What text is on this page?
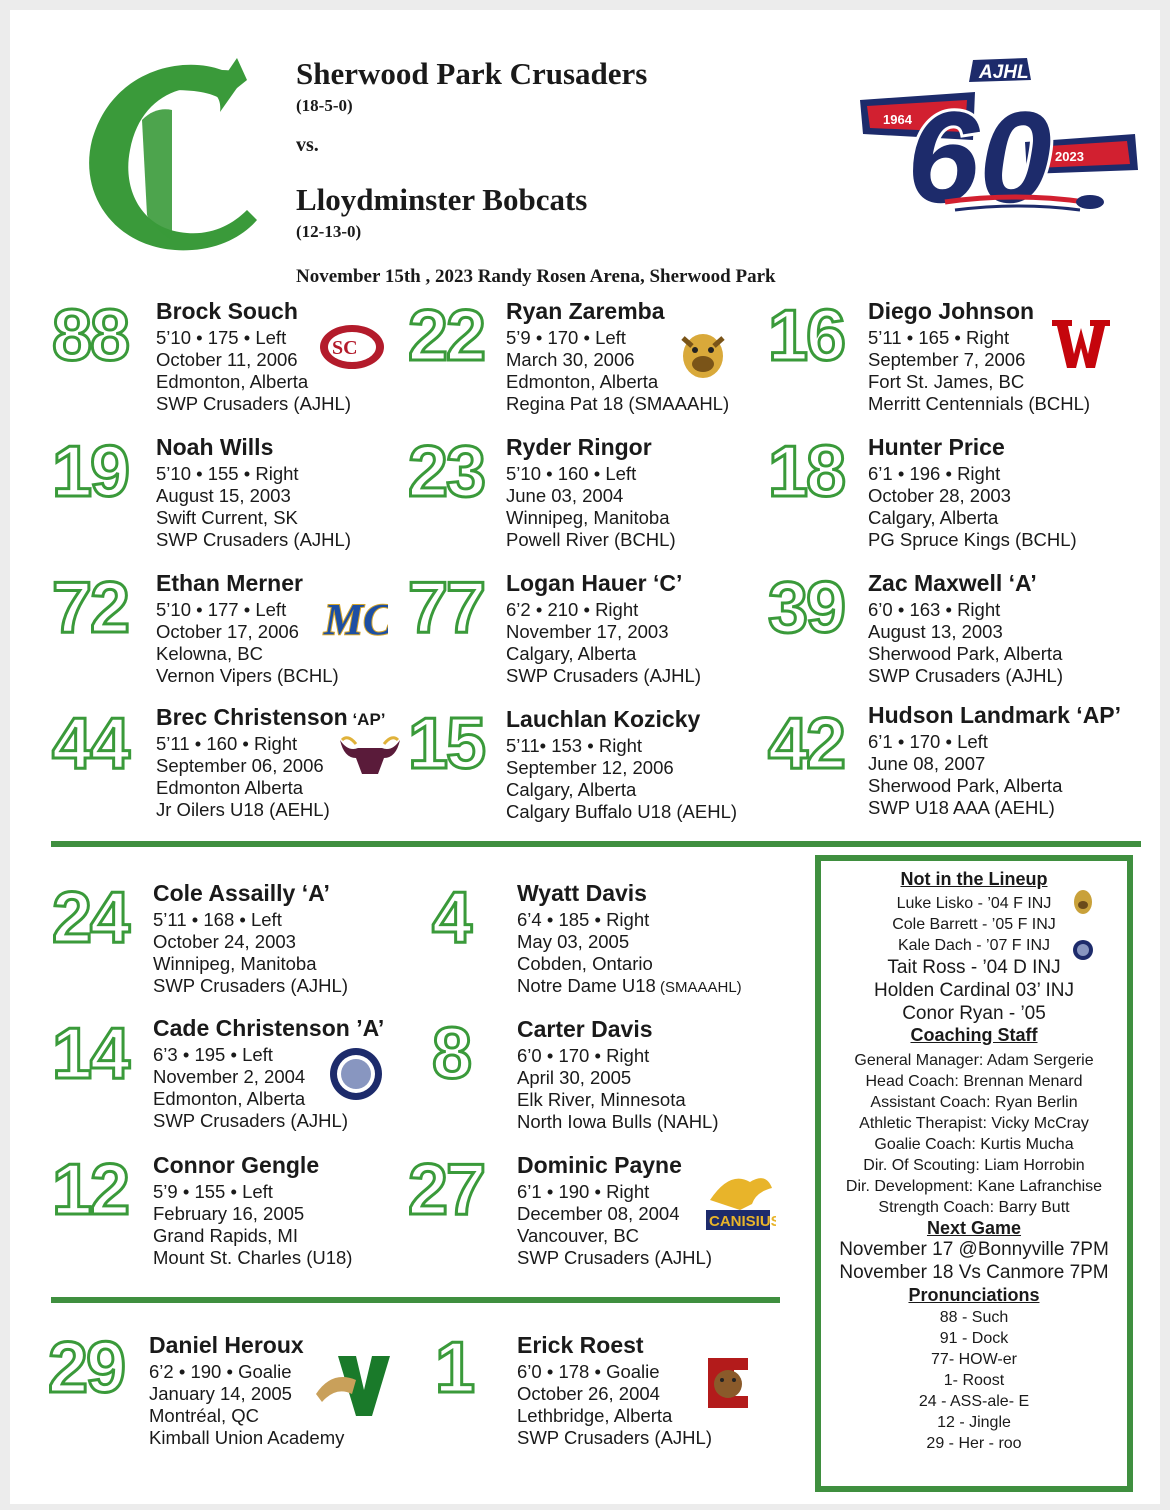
Sherwood Park Crusaders
(18-5-0)
vs.
Lloydminster Bobcats
(12-13-0)
November 15th , 2023 Randy Rosen Arena, Sherwood Park
1964
2023
AJHL
60
88 Brock Souch
5’10 • 175 • Left
October 11, 2006
Edmonton, Alberta
SWP Crusaders (AJHL)
SC 22 Ryan Zaremba
5’9 • 170 • Left
March 30, 2006
Edmonton, Alberta
Regina Pat 18 (SMAAAHL)
16 Diego Johnson
5’11 • 165 • Right
September 7, 2006
Fort St. James, BC
Merritt Centennials (BCHL)
19 Noah Wills
5’10 • 155 • Right
August 15, 2003
Swift Current, SK
SWP Crusaders (AJHL)
23 Ryder Ringor
5’10 • 160 • Left
June 03, 2004
Winnipeg, Manitoba
Powell River (BCHL)
18 Hunter Price
6’1 • 196 • Right
October 28, 2003
Calgary, Alberta
PG Spruce Kings (BCHL)
72 Ethan Merner
5’10 • 177 • Left
October 17, 2006
Kelowna, BC
Vernon Vipers (BCHL)
MC 77 Logan Hauer ‘C’
6’2 • 210 • Right
November 17, 2003
Calgary, Alberta
SWP Crusaders (AJHL)
39 Zac Maxwell ‘A’
6’0 • 163 • Right
August 13, 2003
Sherwood Park, Alberta
SWP Crusaders (AJHL)
44 Brec Christenson ‘AP’
5’11 • 160 • Right
September 06, 2006
Edmonton Alberta
Jr Oilers U18 (AEHL)
15 Lauchlan Kozicky
5’11• 153 • Right
September 12, 2006
Calgary, Alberta
Calgary Buffalo U18 (AEHL)
42 Hudson Landmark ‘AP’
6’1 • 170 • Left
June 08, 2007
Sherwood Park, Alberta
SWP U18 AAA (AEHL)
24 Cole Assailly ‘A’
5’11 • 168 • Left
October 24, 2003
Winnipeg, Manitoba
SWP Crusaders (AJHL)
4 Wyatt Davis
6’4 • 185 • Right
May 03, 2005
Cobden, Ontario
Notre Dame U18 (SMAAAHL)
14 Cade Christenson ’A’
6’3 • 195 • Left
November 2, 2004
Edmonton, Alberta
SWP Crusaders (AJHL)
8 Carter Davis
6’0 • 170 • Right
April 30, 2005
Elk River, Minnesota
North Iowa Bulls (NAHL)
12 Connor Gengle
5’9 • 155 • Left
February 16, 2005
Grand Rapids, MI
Mount St. Charles (U18)
27 Dominic Payne
6’1 • 190 • Right
December 08, 2004
Vancouver, BC
SWP Crusaders (AJHL)
CANISIUS
29 Daniel Heroux
6’2 • 190 • Goalie
January 14, 2005
Montréal, QC
Kimball Union Academy
1 Erick Roest
6’0 • 178 • Goalie
October 26, 2004
Lethbridge, Alberta
SWP Crusaders (AJHL)
Not in the Lineup
Luke Lisko - ’04 F INJ
Cole Barrett - ’05 F INJ
Kale Dach - ’07 F INJ
Tait Ross - ’04 D INJ
Holden Cardinal 03’ INJ
Conor Ryan - ’05
Coaching Staff
General Manager: Adam Sergerie
Head Coach: Brennan Menard
Assistant Coach: Ryan Berlin
Athletic Therapist: Vicky McCray
Goalie Coach: Kurtis Mucha
Dir. Of Scouting: Liam Horrobin
Dir. Development: Kane Lafranchise
Strength Coach: Barry Butt
Next Game
November 17 @Bonnyville 7PM
November 18 Vs Canmore 7PM
Pronunciations
88 - Such
91 - Dock
77- HOW-er
1- Roost
24 - ASS-ale- E
12 - Jingle
29 - Her - roo
